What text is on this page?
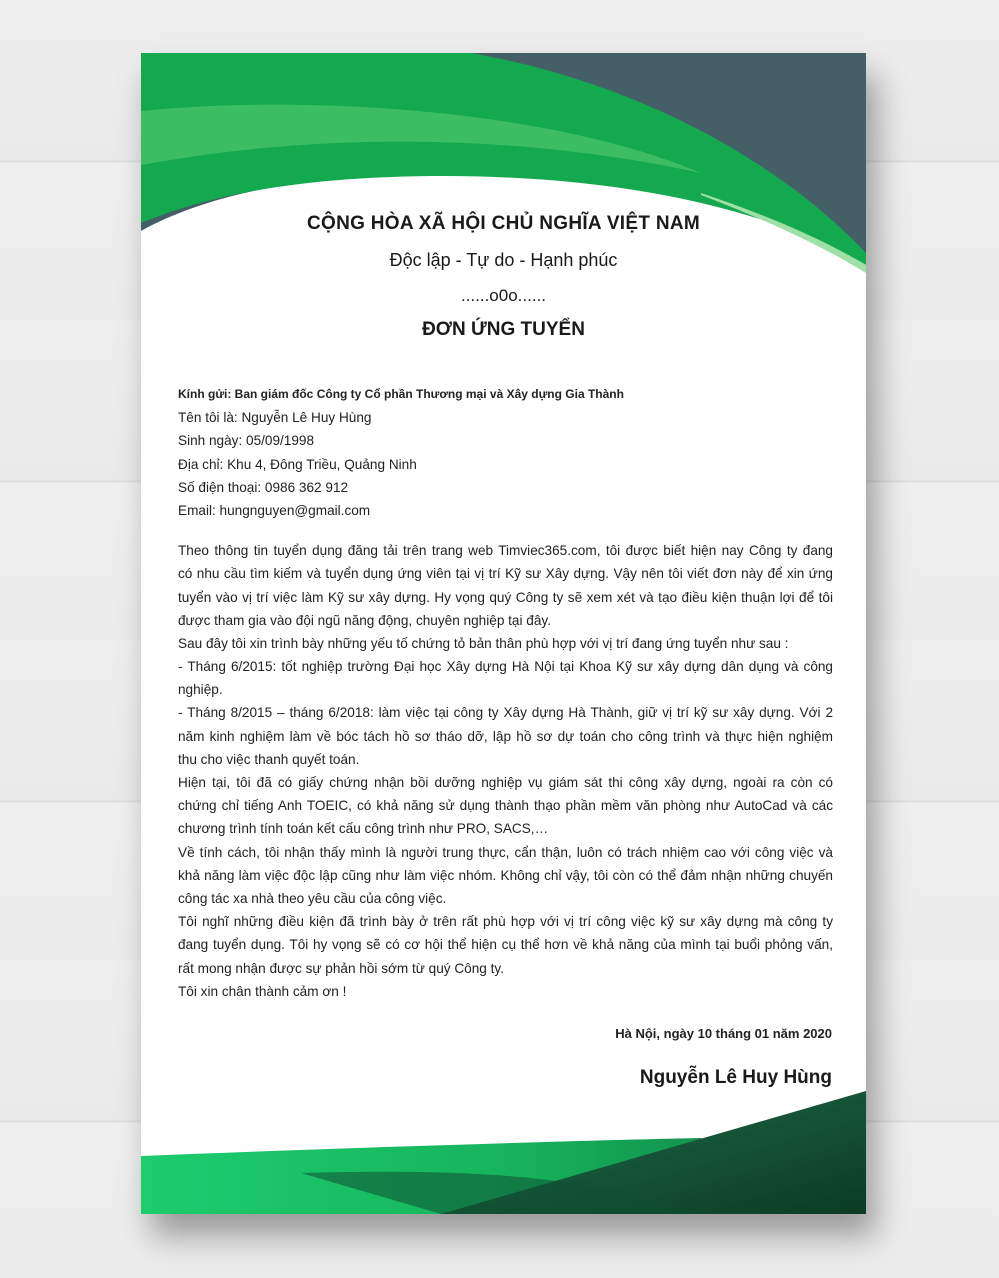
CỘNG HÒA XÃ HỘI CHỦ NGHĨA VIỆT NAM
Độc lập - Tự do - Hạnh phúc
......o0o......
ĐƠN ỨNG TUYỂN
Kính gửi: Ban giám đốc Công ty Cổ phần Thương mại và Xây dựng Gia Thành
Tên tôi là: Nguyễn Lê Huy Hùng
Sinh ngày: 05/09/1998
Địa chỉ: Khu 4, Đông Triều, Quảng Ninh
Số điện thoại: 0986 362 912
Email: hungnguyen@gmail.com
Theo thông tin tuyển dụng đăng tải trên trang web Timviec365.com, tôi được biết hiện nay Công ty đang
có nhu cầu tìm kiếm và tuyển dụng ứng viên tại vị trí Kỹ sư Xây dựng. Vậy nên tôi viết đơn này để xin ứng
tuyển vào vị trí việc làm Kỹ sư xây dựng. Hy vọng quý Công ty sẽ xem xét và tạo điều kiện thuận lợi để tôi
được tham gia vào đội ngũ năng động, chuyên nghiệp tại đây.
Sau đây tôi xin trình bày những yếu tố chứng tỏ bản thân phù hợp với vị trí đang ứng tuyển như sau :
- Tháng 6/2015: tốt nghiệp trường Đại học Xây dựng Hà Nội tại Khoa Kỹ sư xây dựng dân dụng và công
nghiệp.
- Tháng 8/2015 – tháng 6/2018: làm việc tại công ty Xây dựng Hà Thành, giữ vị trí kỹ sư xây dựng. Với 2
năm kinh nghiệm làm về bóc tách hồ sơ tháo dỡ, lập hồ sơ dự toán cho công trình và thực hiện nghiệm
thu cho việc thanh quyết toán.
Hiện tại, tôi đã có giấy chứng nhận bồi dưỡng nghiệp vụ giám sát thi công xây dựng, ngoài ra còn có
chứng chỉ tiếng Anh TOEIC, có khả năng sử dụng thành thạo phần mềm văn phòng như AutoCad và các
chương trình tính toán kết cấu công trình như PRO, SACS,…
Về tính cách, tôi nhận thấy mình là người trung thực, cẩn thận, luôn có trách nhiệm cao với công việc và
khả năng làm việc độc lập cũng như làm việc nhóm. Không chỉ vậy, tôi còn có thể đảm nhận những chuyến
công tác xa nhà theo yêu cầu của công việc.
Tôi nghĩ những điều kiện đã trình bày ở trên rất phù hợp với vị trí công việc kỹ sư xây dựng mà công ty
đang tuyển dụng. Tôi hy vọng sẽ có cơ hội thể hiện cụ thể hơn về khả năng của mình tại buổi phỏng vấn,
rất mong nhận được sự phản hồi sớm từ quý Công ty.
Tôi xin chân thành cảm ơn !
Hà Nội, ngày 10 tháng 01 năm 2020
Nguyễn Lê Huy Hùng
